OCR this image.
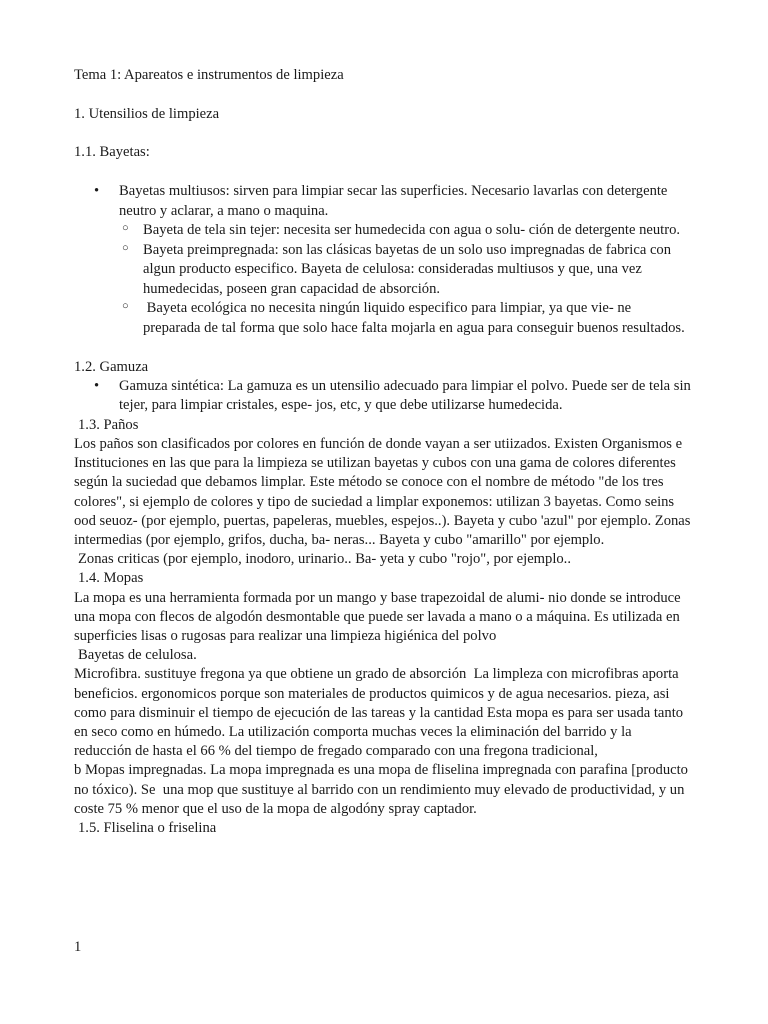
Tema 1: Apareatos e instrumentos de limpieza
1. Utensilios de limpieza
1.1. Bayetas:
• Bayetas multiusos: sirven para limpiar secar las superficies. Necesario lavarlas con detergente neutro y aclarar, a mano o maquina.
○ Bayeta de tela sin tejer: necesita ser humedecida con agua o solu- ción de detergente neutro.
○ Bayeta preimpregnada: son las clásicas bayetas de un solo uso impregnadas de fabrica con algun producto especifico. Bayeta de celulosa: consideradas multiusos y que, una vez humedecidas, poseen gran capacidad de absorción.
○ Bayeta ecológica no necesita ningún liquido especifico para limpiar, ya que vie- ne preparada de tal forma que solo hace falta mojarla en agua para conseguir buenos resultados.
1.2. Gamuza
• Gamuza sintética: La gamuza es un utensilio adecuado para limpiar el polvo. Puede ser de tela sin tejer, para limpiar cristales, espe- jos, etc, y que debe utilizarse humedecida.
1.3. Paños
Los paños son clasificados por colores en función de donde vayan a ser utiizados. Existen Organismos e Instituciones en las que para la limpieza se utilizan bayetas y cubos con una gama de colores diferentes según la suciedad que debamos limplar. Este método se conoce con el nombre de método "de los tres colores", si ejemplo de colores y tipo de suciedad a limplar exponemos: utilizan 3 bayetas. Como seins ood seuoz- (por ejemplo, puertas, papeleras, muebles, espejos..). Bayeta y cubo 'azul" por ejemplo. Zonas intermedias (por ejemplo, grifos, ducha, ba- neras... Bayeta y cubo "amarillo" por ejemplo.
Zonas criticas (por ejemplo, inodoro, urinario.. Ba- yeta y cubo "rojo", por ejemplo..
1.4. Mopas
La mopa es una herramienta formada por un mango y base trapezoidal de alumi- nio donde se introduce una mopa con flecos de algodón desmontable que puede ser lavada a mano o a máquina. Es utilizada en superficies lisas o rugosas para realizar una limpieza higiénica del polvo
Bayetas de celulosa.
Microfibra. sustituye fregona ya que obtiene un grado de absorción  La limpleza con microfibras aporta beneficios. ergonomicos porque son materiales de productos quimicos y de agua necesarios. pieza, asi como para disminuir el tiempo de ejecución de las tareas y la cantidad Esta mopa es para ser usada tanto en seco como en húmedo. La utilización comporta muchas veces la eliminación del barrido y la reducción de hasta el 66 % del tiempo de fregado comparado con una fregona tradicional,
b Mopas impregnadas. La mopa impregnada es una mopa de fliselina impregnada con parafina [producto no tóxico). Se  una mop que sustituye al barrido con un rendimiento muy elevado de productividad, y un coste 75 % menor que el uso de la mopa de algodóny spray captador.
1.5. Fliselina o friselina
1
